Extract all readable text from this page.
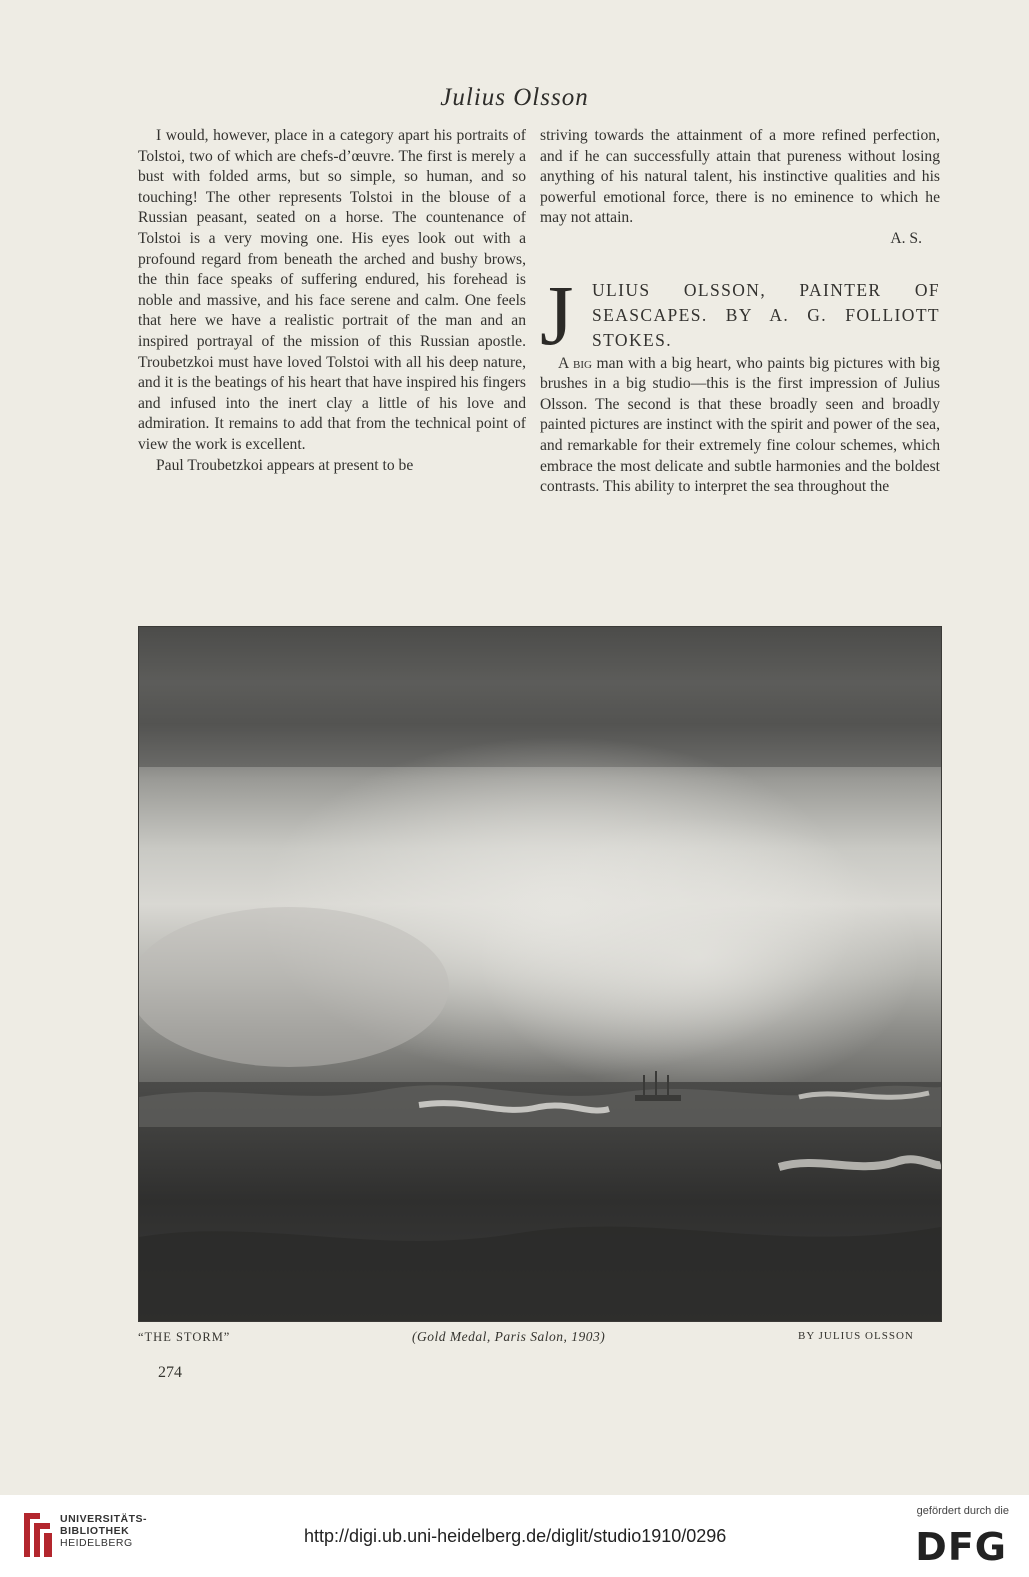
Julius Olsson

I would, however, place in a category apart his portraits of Tolstoi, two of which are chefs-d’œuvre. The first is merely a bust with folded arms, but so simple, so human, and so touching! The other represents Tolstoi in the blouse of a Russian peasant, seated on a horse. The countenance of Tolstoi is a very moving one. His eyes look out with a profound regard from beneath the arched and bushy brows, the thin face speaks of suffering endured, his forehead is noble and massive, and his face serene and calm. One feels that here we have a realistic portrait of the man and an inspired portrayal of the mission of this Russian apostle. Troubetzkoi must have loved Tolstoi with all his deep nature, and it is the beatings of his heart that have inspired his fingers and infused into the inert clay a little of his love and admiration. It remains to add that from the technical point of view the work is excellent.

Paul Troubetzkoi appears at present to be

striving towards the attainment of a more refined perfection, and if he can successfully attain that pureness without losing anything of his natural talent, his instinctive qualities and his powerful emotional force, there is no eminence to which he may not attain.

A. S.

J ULIUS OLSSON, PAINTER OF SEASCAPES. BY A. G. FOLLIOTT STOKES.

A big man with a big heart, who paints big pictures with big brushes in a big studio—this is the first impression of Julius Olsson. The second is that these broadly seen and broadly painted pictures are instinct with the spirit and power of the sea, and remarkable for their extremely fine colour schemes, which embrace the most delicate and subtle harmonies and the boldest contrasts. This ability to interpret the sea throughout the

“THE STORM”	(Gold Medal, Paris Salon, 1903)	BY JULIUS OLSSON
274
UNIVERSITÄTS-
BIBLIOTHEK
HEIDELBERG	http://digi.ub.uni-heidelberg.de/diglit/studio1910/0296
gefördert durch die
DFG
